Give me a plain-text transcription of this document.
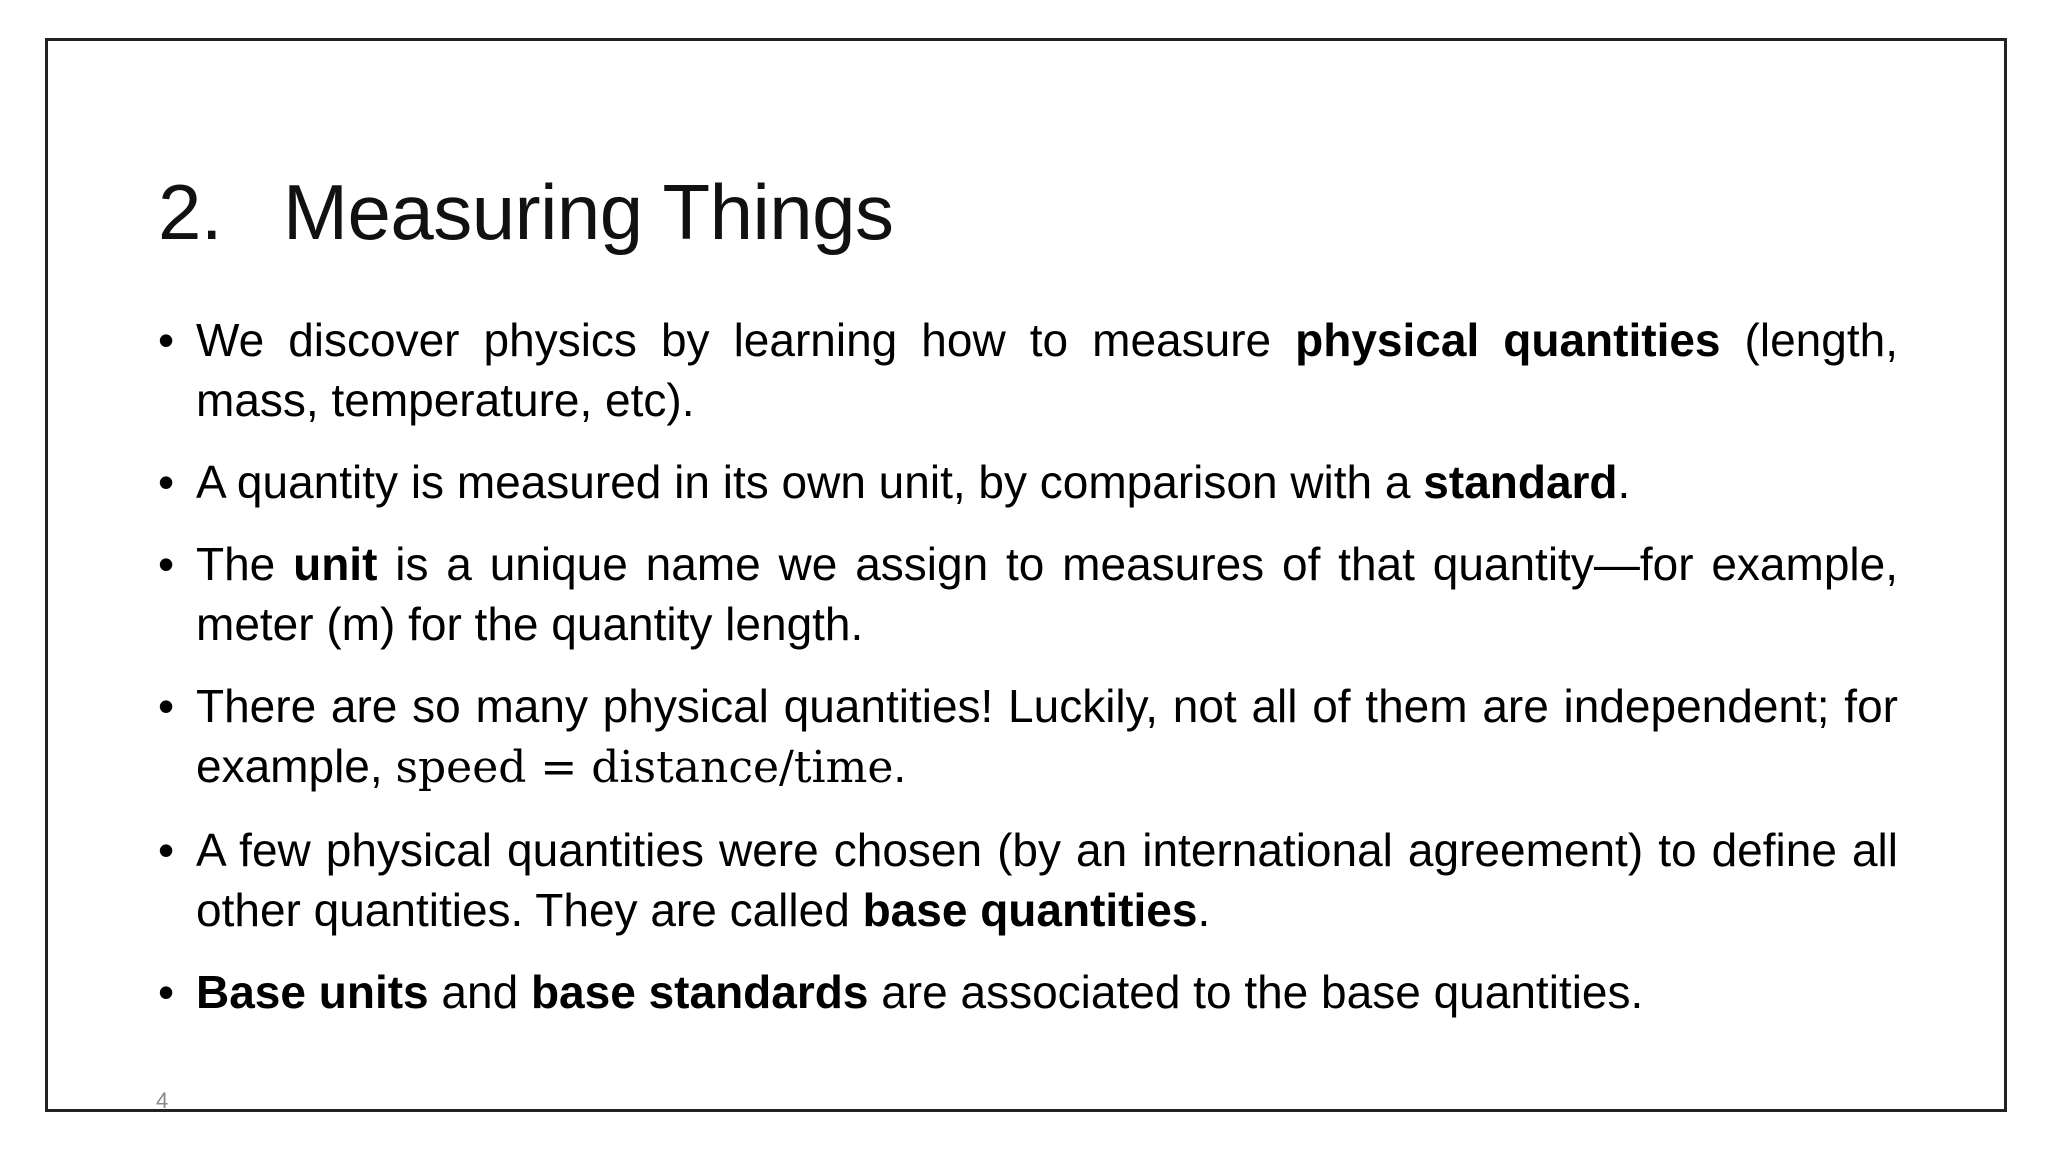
2. Measuring Things
• We discover physics by learning how to measure physical quantities (length, mass, temperature, etc).
• A quantity is measured in its own unit, by comparison with a standard.
• The unit is a unique name we assign to measures of that quantity—for example, meter (m) for the quantity length.
• There are so many physical quantities! Luckily, not all of them are independent; for example, speed = distance/time.
• A few physical quantities were chosen (by an international agreement) to define all other quantities. They are called base quantities.
• Base units and base standards are associated to the base quantities.
4
